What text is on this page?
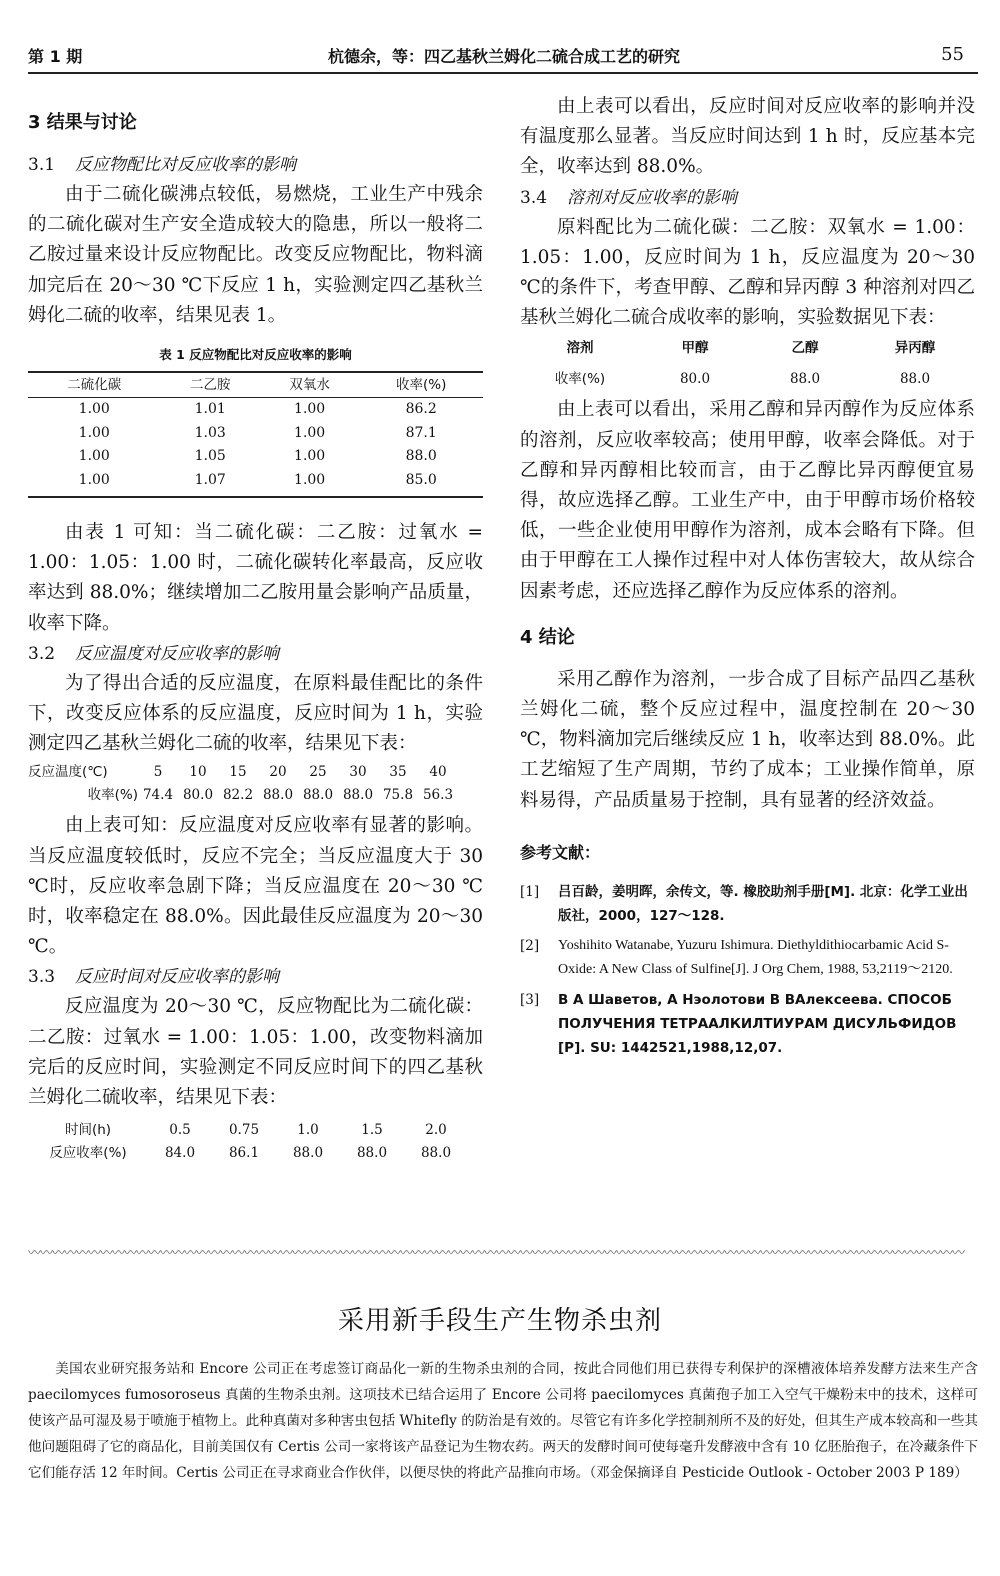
第 1 期	杭德余，等：四乙基秋兰姆化二硫合成工艺的研究	55
3 结果与讨论
3.1 反应物配比对反应收率的影响

由于二硫化碳沸点较低，易燃烧，工业生产中残余的二硫化碳对生产安全造成较大的隐患，所以一般将二乙胺过量来设计反应物配比。改变反应物配比，物料滴加完后在 20～30 ℃下反应 1 h，实验测定四乙基秋兰姆化二硫的收率，结果见表 1。

表 1 反应物配比对反应收率的影响
二硫化碳	二乙胺	双氧水	收率(%)
1.00	1.01	1.00	86.2
1.00	1.03	1.00	87.1
1.00	1.05	1.00	88.0
1.00	1.07	1.00	85.0

由表 1 可知：当二硫化碳：二乙胺：过氧水 = 1.00：1.05：1.00 时，二硫化碳转化率最高，反应收率达到 88.0%；继续增加二乙胺用量会影响产品质量，收率下降。

3.2 反应温度对反应收率的影响

为了得出合适的反应温度，在原料最佳配比的条件下，改变反应体系的反应温度，反应时间为 1 h，实验测定四乙基秋兰姆化二硫的收率，结果见下表：

反应温度(℃)	5	10	15	20	25	30	35	40
收率(%) 74.4 80.0 82.2 88.0 88.0 88.0 75.8 56.3

由上表可知：反应温度对反应收率有显著的影响。当反应温度较低时，反应不完全；当反应温度大于 30 ℃时，反应收率急剧下降；当反应温度在 20～30 ℃时，收率稳定在 88.0%。因此最佳反应温度为 20～30 ℃。

3.3 反应时间对反应收率的影响

反应温度为 20～30 ℃，反应物配比为二硫化碳：二乙胺：过氧水 = 1.00：1.05：1.00，改变物料滴加完后的反应时间，实验测定不同反应时间下的四乙基秋兰姆化二硫收率，结果见下表：

时间(h)	0.5	0.75	1.0	1.5	2.0
反应收率(%)	84.0	86.1	88.0	88.0	88.0

由上表可以看出，反应时间对反应收率的影响并没有温度那么显著。当反应时间达到 1 h 时，反应基本完全，收率达到 88.0%。

3.4 溶剂对反应收率的影响

原料配比为二硫化碳：二乙胺：双氧水 = 1.00：1.05：1.00，反应时间为 1 h，反应温度为 20～30 ℃的条件下，考查甲醇、乙醇和异丙醇 3 种溶剂对四乙基秋兰姆化二硫合成收率的影响，实验数据见下表：

溶剂	甲醇	乙醇	异丙醇
收率(%)	80.0	88.0	88.0

由上表可以看出，采用乙醇和异丙醇作为反应体系的溶剂，反应收率较高；使用甲醇，收率会降低。对于乙醇和异丙醇相比较而言，由于乙醇比异丙醇便宜易得，故应选择乙醇。工业生产中，由于甲醇市场价格较低，一些企业使用甲醇作为溶剂，成本会略有下降。但由于甲醇在工人操作过程中对人体伤害较大，故从综合因素考虑，还应选择乙醇作为反应体系的溶剂。

4 结论

采用乙醇作为溶剂，一步合成了目标产品四乙基秋兰姆化二硫，整个反应过程中，温度控制在 20～30 ℃，物料滴加完后继续反应 1 h，收率达到 88.0%。此工艺缩短了生产周期，节约了成本；工业操作简单，原料易得，产品质量易于控制，具有显著的经济效益。

参考文献：
[1]	吕百龄，姜明晖，余传文，等. 橡胶助剂手册[M]. 北京：化学工业出版社，2000，127～128.
[2]	Yoshihito Watanabe, Yuzuru Ishimura. Diethyldithiocarbamic Acid S-Oxide: A New Class of Sulfine[J]. J Org Chem, 1988, 53,2119～2120.
[3]	В А Шаветов, А Нэолотови В ВАлексеева. СПОСОБ ПОЛУЧЕНИЯ ТЕТРААЛКИЛТИУРАМ ДИСУЛЬФИДОВ [P]. SU: 1442521,1988,12,07.
〰〰〰〰〰〰〰〰〰〰〰〰〰〰〰〰〰〰〰〰〰〰〰〰〰〰〰〰〰〰〰〰〰〰〰〰〰〰〰〰〰〰〰〰〰〰〰〰〰〰〰〰〰〰〰〰〰〰〰〰〰〰〰〰〰〰〰〰〰〰〰〰〰〰〰〰〰〰
采用新手段生产生物杀虫剂
美国农业研究报务站和 Encore 公司正在考虑签订商品化一新的生物杀虫剂的合同，按此合同他们用已获得专利保护的深槽液体培养发酵方法来生产含 paecilomyces fumosoroseus 真菌的生物杀虫剂。这项技术已结合运用了 Encore 公司将 paecilomyces 真菌孢子加工入空气干燥粉末中的技术，这样可使该产品可湿及易于喷施于植物上。此种真菌对多种害虫包括 Whitefly 的防治是有效的。尽管它有许多化学控制剂所不及的好处，但其生产成本较高和一些其他问题阻碍了它的商品化，目前美国仅有 Certis 公司一家将该产品登记为生物农药。两天的发酵时间可使每毫升发酵液中含有 10 亿胚胎孢子，在冷藏条件下它们能存活 12 年时间。Certis 公司正在寻求商业合作伙伴，以便尽快的将此产品推向市场。（邓金保摘译自 Pesticide Outlook - October 2003 P 189）
